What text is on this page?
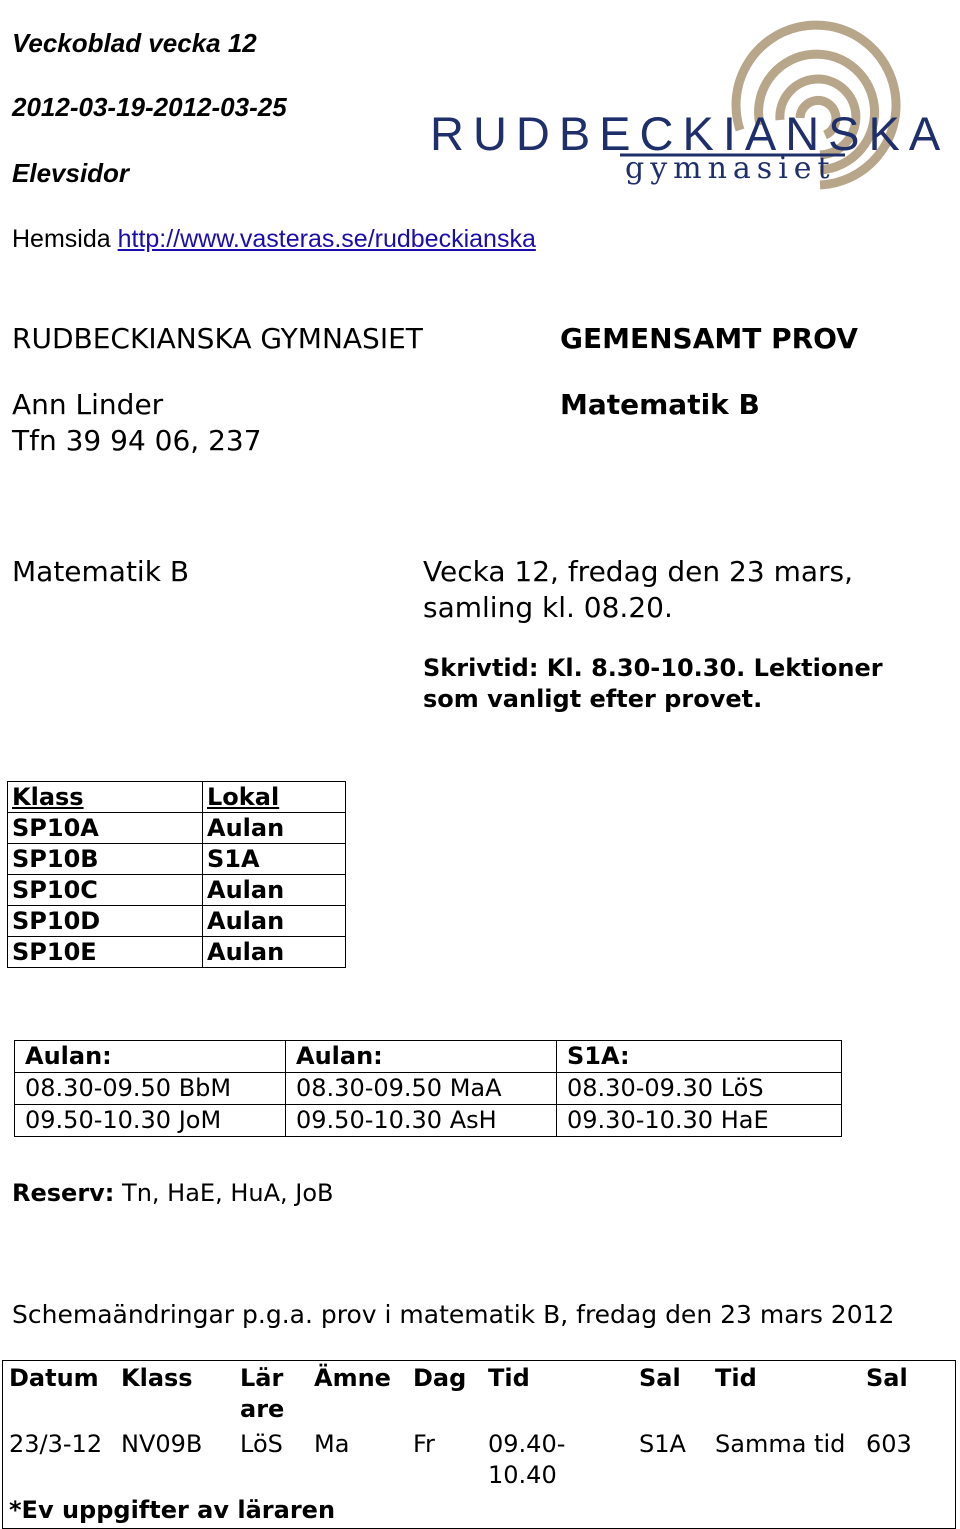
Veckoblad vecka 12
2012-03-19-2012-03-25
Elevsidor
Hemsida http://www.vasteras.se/rudbeckianska
RUDBECKIANSKA
gymnasiet
RUDBECKIANSKA GYMNASIET
Ann Linder
Tfn 39 94 06, 237
GEMENSAMT PROV
Matematik B
Matematik B	Vecka 12, fredag den 23 mars,
samling kl. 08.20.
Skrivtid: Kl. 8.30-10.30. Lektioner
som vanligt efter provet.
Klass	Lokal
SP10A	Aulan
SP10B	S1A
SP10C	Aulan
SP10D	Aulan
SP10E	Aulan
Aulan:	Aulan:	S1A:
08.30-09.50 BbM	08.30-09.50 MaA	08.30-09.30 LöS
09.50-10.30 JoM	09.50-10.30 AsH	09.30-10.30 HaE
Reserv: Tn, HaE, HuA, JoB
Schemaändringar p.g.a. prov i matematik B, fredag den 23 mars 2012
Datum	Klass	Lär are	Ämne	Dag	Tid	Sal	Tid	Sal
23/3-12	NV09B	LöS	Ma	Fr	09.40-10.40	S1A	Samma tid	603
*Ev uppgifter av läraren								
